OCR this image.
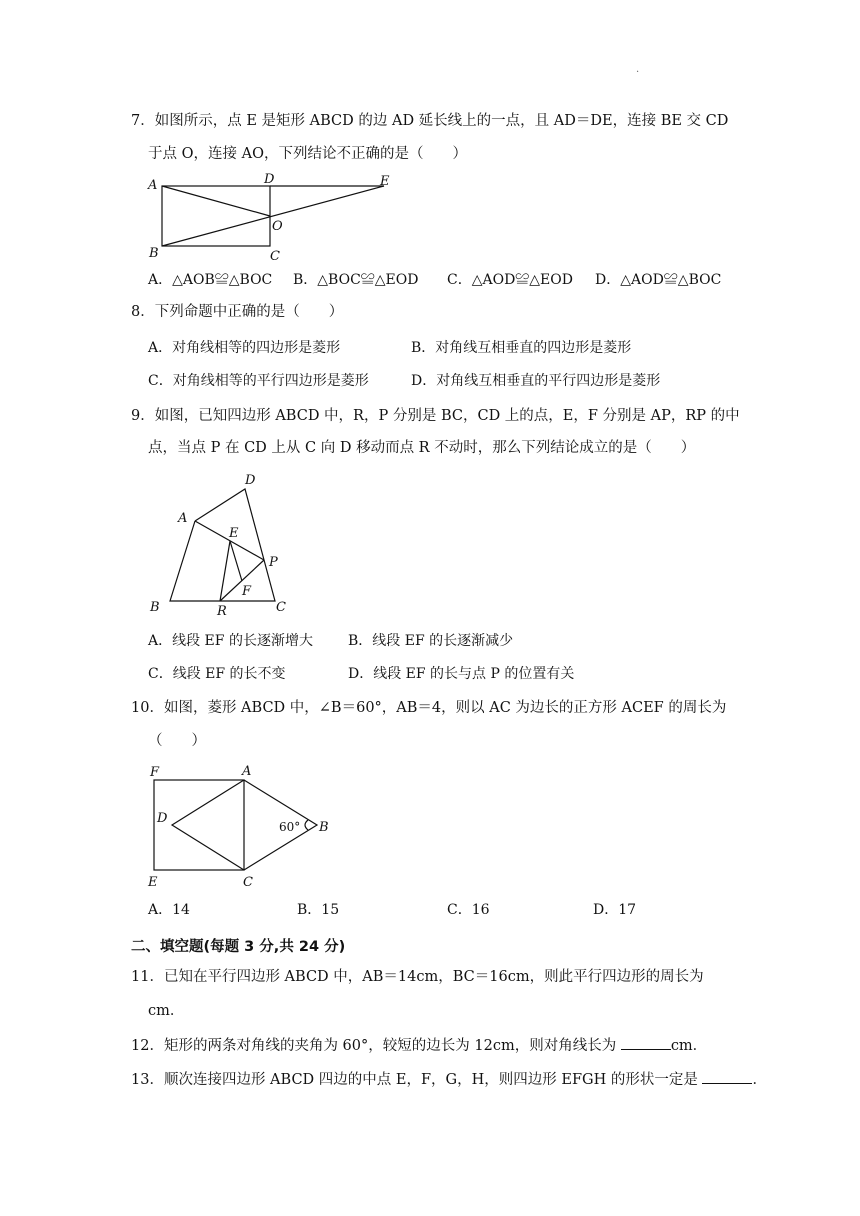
.
7．如图所示，点 E 是矩形 ABCD 的边 AD 延长线上的一点，且 AD＝DE，连接 BE 交 CD
于点 O，连接 AO，下列结论不正确的是（　　）
A	D	E
O
B	C
A．△AOB≌△BOC B．△BOC≌△EOD C．△AOD≌△EOD D．△AOD≌△BOC
8．下列命题中正确的是（　　）
A．对角线相等的四边形是菱形	B．对角线互相垂直的四边形是菱形
C．对角线相等的平行四边形是菱形	D．对角线互相垂直的平行四边形是菱形
9．如图，已知四边形 ABCD 中，R，P 分别是 BC，CD 上的点，E，F 分别是 AP，RP 的中
点，当点 P 在 CD 上从 C 向 D 移动而点 R 不动时，那么下列结论成立的是（　　）
A
D
E
P
F
B	R	C
A．线段 EF 的长逐渐增大	B．线段 EF 的长逐渐减少
C．线段 EF 的长不变	D．线段 EF 的长与点 P 的位置有关
10．如图，菱形 ABCD 中，∠B＝60°，AB＝4，则以 AC 为边长的正方形 ACEF 的周长为
（　　）
F	A
D
60° B
E	C
A．14	B．15	C．16	D．17
二、填空题(每题 3 分,共 24 分)
11．已知在平行四边形 ABCD 中，AB＝14cm，BC＝16cm，则此平行四边形的周长为
cm．
12．矩形的两条对角线的夹角为 60°，较短的边长为 12cm，则对角线长为	cm．
13．顺次连接四边形 ABCD 四边的中点 E，F，G，H，则四边形 EFGH 的形状一定是	．
